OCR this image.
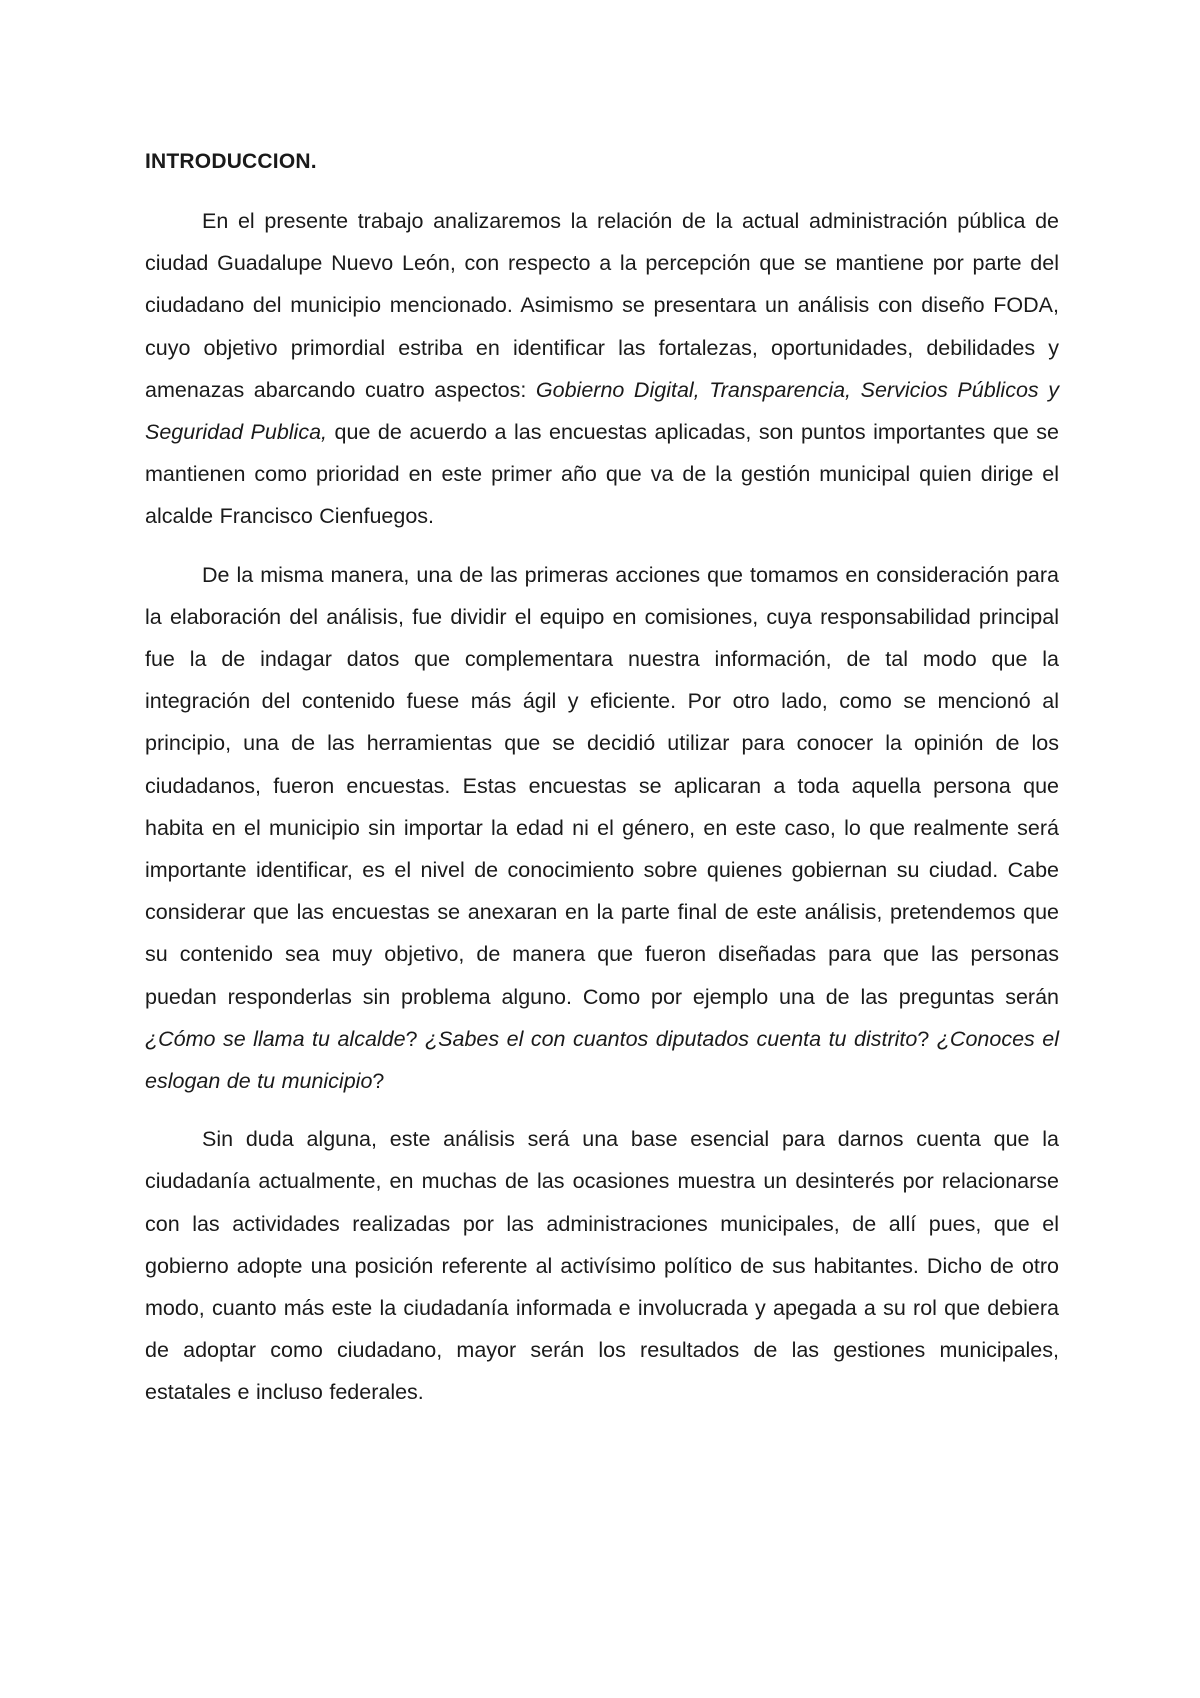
INTRODUCCION.

En el presente trabajo analizaremos la relación de la actual administración pública de ciudad Guadalupe Nuevo León, con respecto a la percepción que se mantiene por parte del ciudadano del municipio mencionado. Asimismo se presentara un análisis con diseño FODA, cuyo objetivo primordial estriba en identificar las fortalezas, oportunidades, debilidades y amenazas abarcando cuatro aspectos: Gobierno Digital, Transparencia, Servicios Públicos y Seguridad Publica, que de acuerdo a las encuestas aplicadas, son puntos importantes que se mantienen como prioridad en este primer año que va de la gestión municipal quien dirige el alcalde Francisco Cienfuegos.

De la misma manera, una de las primeras acciones que tomamos en consideración para la elaboración del análisis, fue dividir el equipo en comisiones, cuya responsabilidad principal fue la de indagar datos que complementara nuestra información, de tal modo que la integración del contenido fuese más ágil y eficiente. Por otro lado, como se mencionó al principio, una de las herramientas que se decidió utilizar para conocer la opinión de los ciudadanos, fueron encuestas. Estas encuestas se aplicaran a toda aquella persona que habita en el municipio sin importar la edad ni el género, en este caso, lo que realmente será importante identificar, es el nivel de conocimiento sobre quienes gobiernan su ciudad. Cabe considerar que las encuestas se anexaran en la parte final de este análisis, pretendemos que su contenido sea muy objetivo, de manera que fueron diseñadas para que las personas puedan responderlas sin problema alguno. Como por ejemplo una de las preguntas serán ¿Cómo se llama tu alcalde? ¿Sabes el con cuantos diputados cuenta tu distrito? ¿Conoces el eslogan de tu municipio?

Sin duda alguna, este análisis será una base esencial para darnos cuenta que la ciudadanía actualmente, en muchas de las ocasiones muestra un desinterés por relacionarse con las actividades realizadas por las administraciones municipales, de allí pues, que el gobierno adopte una posición referente al activísimo político de sus habitantes. Dicho de otro modo, cuanto más este la ciudadanía informada e involucrada y apegada a su rol que debiera de adoptar como ciudadano, mayor serán los resultados de las gestiones municipales, estatales e incluso federales.
